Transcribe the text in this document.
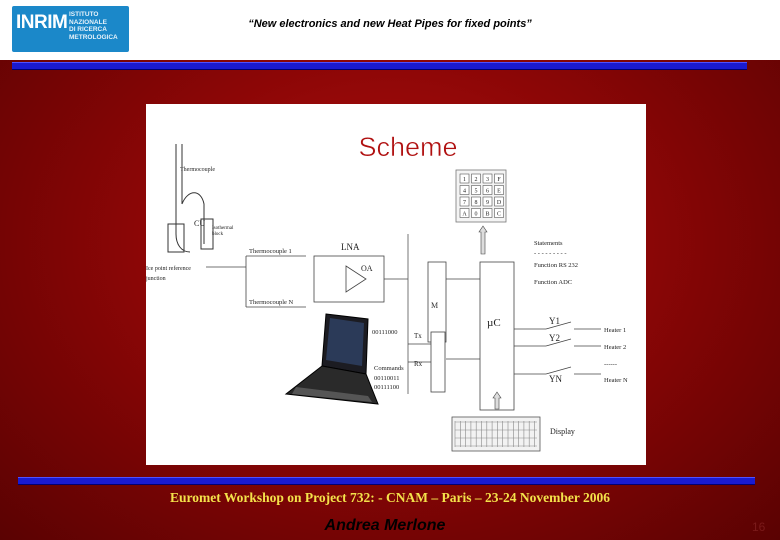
INRIM ISTITUTO
NAZIONALE
DI RICERCA
METROLOGICA
“New electronics and new Heat Pipes for fixed points”
Scheme
Thermocouple
CU
Isothermal
block
Ice point reference
junction
Thermocouple 1
Thermocouple N
LNA
OA
M
µC
1 2 3 F
4 5 6 E
7 8 9 D
A 0 B C
Statements
- - - - - - - - -
Function RS 232
Function ADC
00111000 Tx
Rx
Commands
00110011
00111100
Y1
Y2
YN
Heater 1
Heater 2
------
Heater N
Display
Euromet Workshop on Project 732: - CNAM – Paris – 23-24 November 2006
Andrea Merlone	16
